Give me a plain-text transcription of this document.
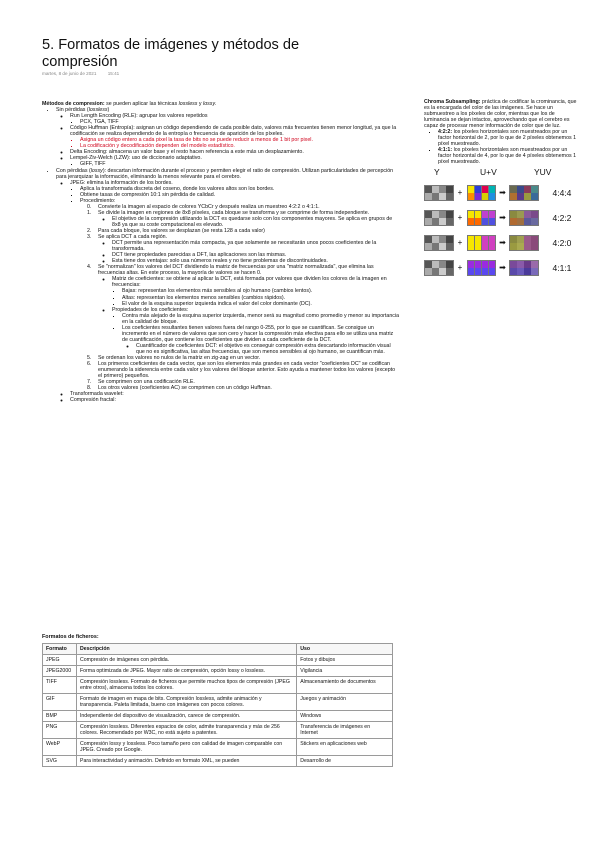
5. Formatos de imágenes y métodos de compresión
martes, 8 de junio de 2021 15:41
Métodos de compresion: se pueden aplicar las técnicas lossless y lossy.
• Sin pérdidas (lossless)
◦ Run Length Encoding (RLE): agrupar los valores repetidos
▪ PCX, TGA, TIFF
◦ Código Huffman (Entropía): asignan un código dependiendo de cada posible dato, valores más frecuentes tienen menor longitud, ya que la codificación se realiza dependiendo de la entropía o frecuencia de aparición de los píxeles.
▪ Asigna un código entero a cada pixel la tasa de bits no se puede reducir a menos de 1 bit por pixel.
▪ La codificación y decodificación dependen del modelo estadístico.
◦ Delta Encoding: almacena un valor base y el resto hacen referencia a este más un desplazamiento.
◦ Lempel-Ziv-Welch (LZW): uso de diccionario adaptativo.
▪ GIFF, TIFF
• Con pérdidas (lossy): descartan información durante el proceso y permiten elegir el ratio de compresión. Utilizan particularidades de percepción para jerarquizar la información, eliminando la menos relevante para el cerebro.
◦ JPEG: elimina la información de los bordes.
▪ Aplica la transformada discreta del coseno, donde los valores altos son los bordes.
▪ Obtiene tasas de compresión 10:1 sin pérdida de calidad.
▪ Procedimiento:
Convierte la imagen al espacio de colores YCbCr y después realiza un muestreo 4:2:2 o 4:1:1.
Se divide la imagen en regiones de 8x8 píxeles, cada bloque se transforma y se comprime de forma independiente.
◦ El objetivo de la compresión utilizando la DCT es quedarse solo con los componentes mayores. Se aplica en grupos de 8x8 ya que su coste computacional es elevado.
Para cada bloque, los valores se desplazan (se resta 128 a cada valor)
Se aplica DCT a cada región.
◦ DCT permite una representación más compacta, ya que solamente se necesitarán unos pocos coeficientes de la transformada.
◦ DCT tiene propiedades parecidas a DFT, las aplicaciones son las mismas.
◦ Esta tiene dos ventajas: solo usa números reales y no tiene problemas de discontinuidades.
Se "normalizan" los valores del DCT dividiendo la matriz de frecuencias por una "matriz normalizada", que elimina las frecuencias altas. En este proceso, la mayoría de valores se hacen 0.
◦ Matriz de coeficientes: se obtiene al aplicar la DCT, está formada por valores que dividen los colores de la imagen en frecuencias:
▪ Bajas: representan los elementos más sensibles al ojo humano (cambios lentos).
▪ Altas: representan los elementos menos sensibles (cambios rápidos).
▪ El valor de la esquina superior izquierda indica el valor del color dominante (DC).
◦ Propiedades de los coeficientes:
▪ Contra más alejado de la esquina superior izquierda, menor será su magnitud como promedio y menor su importancia en la calidad de bloque.
▪ Los coeficientes resultantes tienen valores fuera del rango 0-255, por lo que se cuantifican. Se consigue un incremento en el número de valores que son cero y hacer la compresión más efectiva para ello se utiliza una matriz de cuantificación, que contiene los coeficientes que dividen a cada coeficiente de la DCT.
◦ Cuantificador de coeficientes DCT: el objetivo es conseguir compresión extra descartando información visual que no es significativa, las altas frecuencias, que son menos sensibles al ojo humano, se cuantifican más.
Se ordenan los valores no nulos de la matriz en zig-zag en un vector.
Los primeros coeficientes de cada vector, que son los elementos más grandes en cada vector "coeficientes DC" se codifican enumerando la siderencia entre cada valor y los valores del bloque anterior. Esto ayuda a mantener todos los valores (excepto el primero) pequeños.
Se comprimen con una codificación RLE.
Los otros valores (coeficientes AC) se comprimen con un código Huffman.
◦ Transformada wavelet:
◦ Compresión fractal:
Formatos de ficheros:
Formato	Descripción	Uso
JPEG	Compresión de imágenes con pérdida.	Fotos y dibujos
JPEG2000	Forma optimizada de JPEG. Mayor ratio de compresión, opción lossy o lossless.	Vigilancia
TIFF	Compresión lossless. Formato de ficheros que permite muchos tipos de compresión (JPEG entre otros), almacena todos los colores.	Almacenamiento de documentos
GIF	Formato de imagen en mapa de bits. Compresión lossless, admite animación y transparencia. Paleta limitada, bueno con imágenes con pocos colores.	Juegos y animación
BMP	Independiente del dispositivo de visualización, carece de compresión.	Windows
PNG	Compresión lossless. Diferentes espacios de color, admite transparencia y más de 256 colores. Recomendado por W3C, no está sujeto a patentes.	Transferencia de imágenes en Internet
WebP	Compresión lossy y lossless. Poco tamaño pero con calidad de imagen comparable con JPEG. Creado por Google.	Stickers en aplicaciones web
SVG	Para interactividad y animación. Definido en formato XML, se pueden	Desarrollo de
Chroma Subsampling: práctica de codificar la crominancia, que es la encargada del color de las imágenes. Se hace un submuestreo a los píxeles de color, mientras que los de luminancia se dejan intactos, aprovechando que el cerebro es capaz de procesar menor información de color que de luz.
▪ 4:2:2: los píxeles horizontales son muestreados por un factor horizontal de 2, por lo que de 2 píxeles obtenemos 1 píxel muestreado.
▪ 4:1:1: los píxeles horizontales son muestreados por un factor horizontal de 4, por lo que de 4 píxeles obtenemos 1 píxel muestreado.
Y	U+V	YUV
+	➡	4:4:4
+	➡	4:2:2
+	➡	4:2:0
+	➡	4:1:1
